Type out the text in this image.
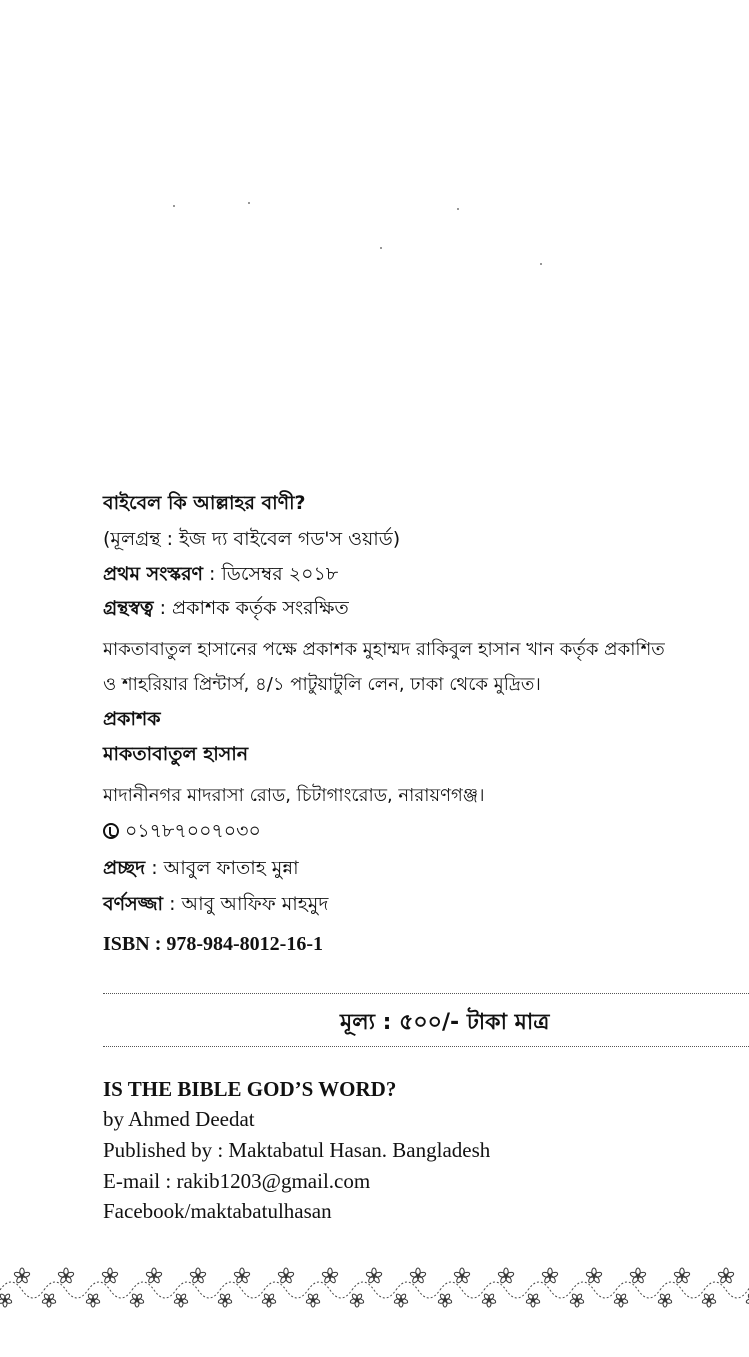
বাইবেল কি আল্লাহর বাণী?
(মূলগ্রন্থ : ইজ দ্য বাইবেল গড'স ওয়ার্ড)
প্রথম সংস্করণ : ডিসেম্বর ২০১৮
গ্রন্থস্বত্ব : প্রকাশক কর্তৃক সংরক্ষিত
মাকতাবাতুল হাসানের পক্ষে প্রকাশক মুহাম্মদ রাকিবুল হাসান খান কর্তৃক প্রকাশিত
ও শাহরিয়ার প্রিন্টার্স, ৪/১ পাটুয়াটুলি লেন, ঢাকা থেকে মুদ্রিত।
প্রকাশক
মাকতাবাতুল হাসান
মাদানীনগর মাদরাসা রোড, চিটাগাংরোড, নারায়ণগঞ্জ।
০১৭৮৭০০৭০৩০
প্রচ্ছদ : আবুল ফাতাহ মুন্না
বর্ণসজ্জা : আবু আফিফ মাহমুদ
ISBN : 978-984-8012-16-1
মূল্য : ৫০০/- টাকা মাত্র
IS THE BIBLE GOD’S WORD?
by Ahmed Deedat
Published by : Maktabatul Hasan. Bangladesh
E-mail : rakib1203@gmail.com
Facebook/maktabatulhasan
